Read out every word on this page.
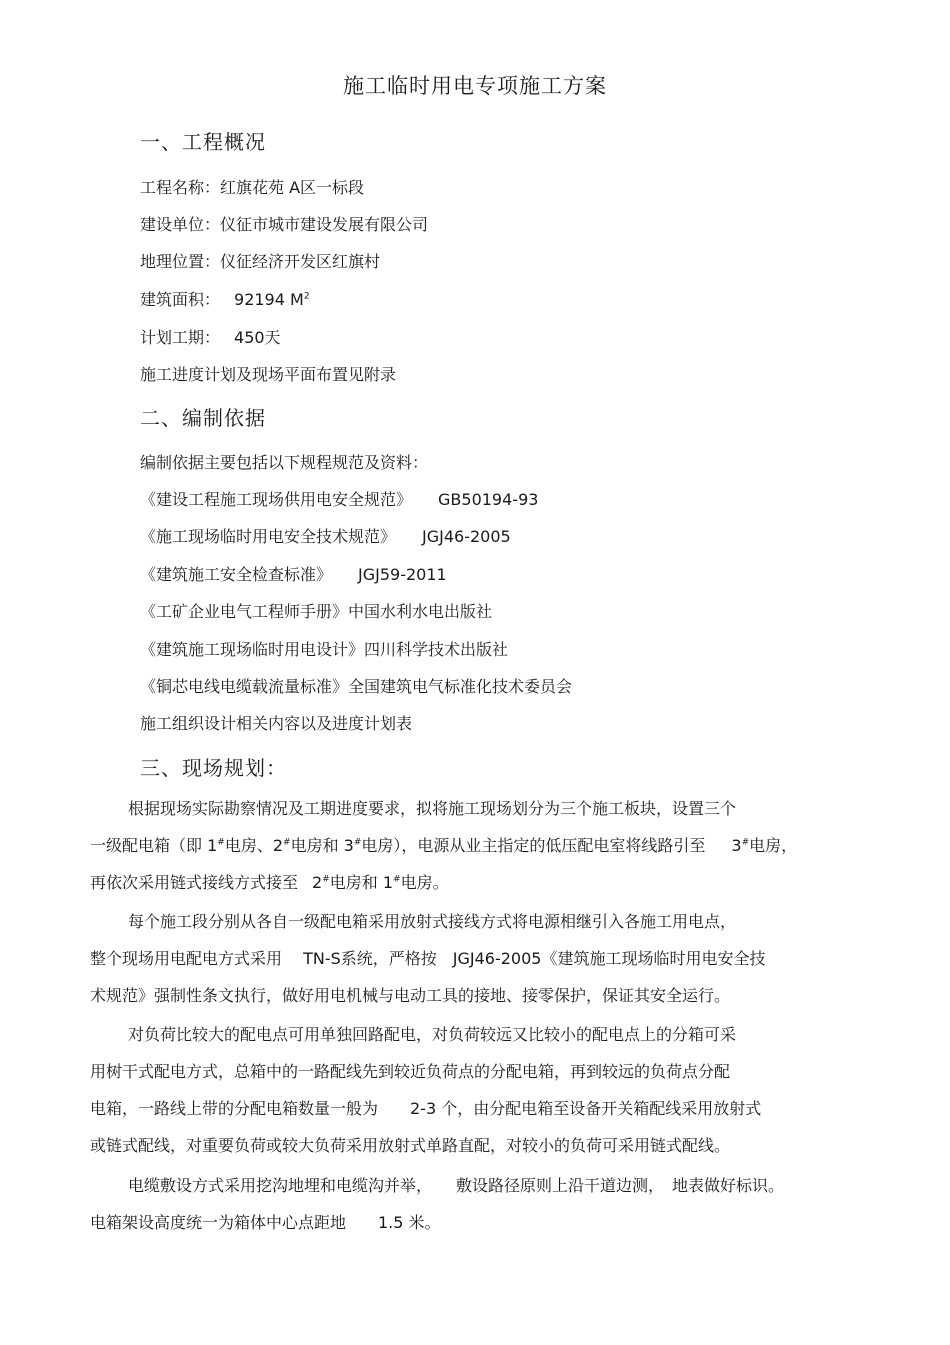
施工临时用电专项施工方案
一、工程概况
工程名称：红旗花苑 A区一标段
建设单位：仪征市城市建设发展有限公司
地理位置：仪征经济开发区红旗村
建筑面积： 92194 $M^2$
计划工期： 450天
施工进度计划及现场平面布置见附录
二、编制依据
编制依据主要包括以下规程规范及资料：
《建设工程施工现场供用电安全规范》 GB50194-93
《施工现场临时用电安全技术规范》 JGJ46-2005
《建筑施工安全检查标准》 JGJ59-2011
《工矿企业电气工程师手册》中国水利水电出版社
《建筑施工现场临时用电设计》四川科学技术出版社
《铜芯电线电缆载流量标准》全国建筑电气标准化技术委员会
施工组织设计相关内容以及进度计划表
三、现场规划：

根据现场实际勘察情况及工期进度要求，拟将施工现场划分为三个施工板块，设置三个

一级配电箱（即 1#电房、2#电房和 3#电房），电源从业主指定的低压配电室将线路引至 3#电房，

再依次采用链式接线方式接至 2#电房和 1#电房。

每个施工段分别从各自一级配电箱采用放射式接线方式将电源相继引入各施工用电点，

整个现场用电配电方式采用　 TN-S系统，严格按　JGJ46-2005《建筑施工现场临时用电安全技

术规范》强制性条文执行，做好用电机械与电动工具的接地、接零保护，保证其安全运行。

对负荷比较大的配电点可用单独回路配电，对负荷较远又比较小的配电点上的分箱可采

用树干式配电方式，总箱中的一路配线先到较近负荷点的分配电箱，再到较远的负荷点分配

电箱，一路线上带的分配电箱数量一般为　　2-3 个，由分配电箱至设备开关箱配线采用放射式

或链式配线，对重要负荷或较大负荷采用放射式单路直配，对较小的负荷可采用链式配线。

电缆敷设方式采用挖沟地埋和电缆沟并举，　　敷设路径原则上沿干道边测，　地表做好标识。

电箱架设高度统一为箱体中心点距地　　1.5 米。
